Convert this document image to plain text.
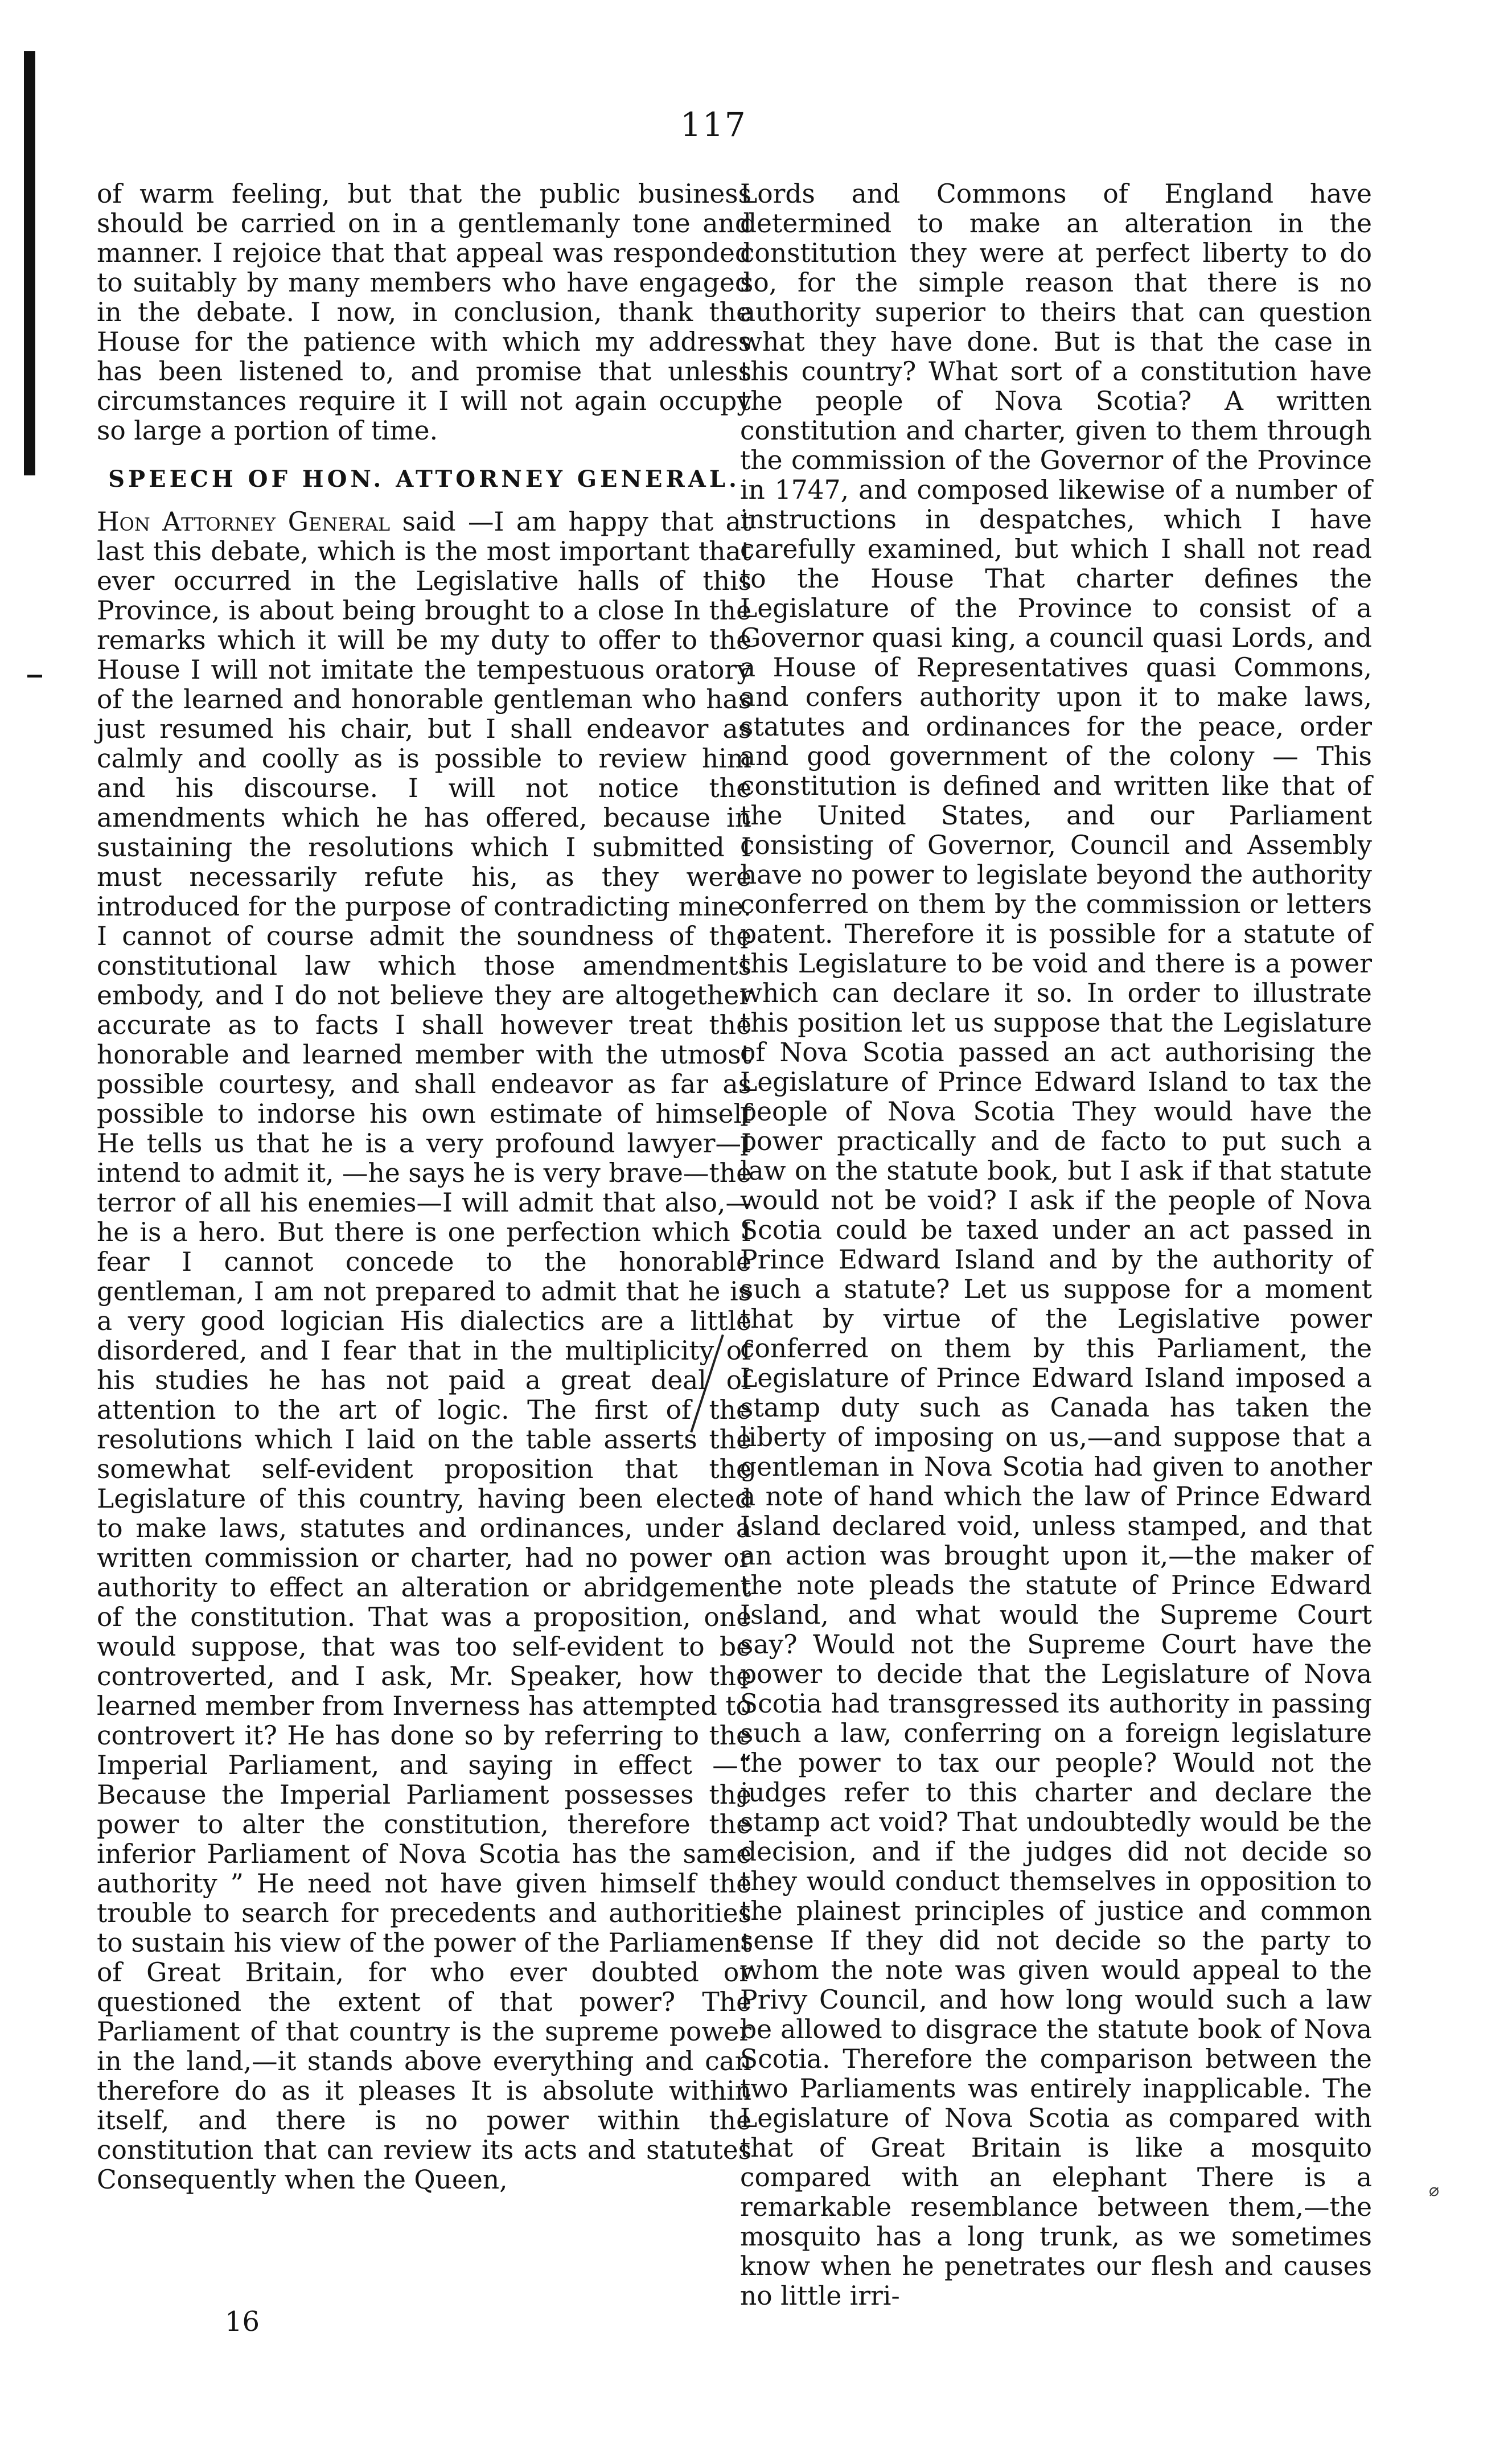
117

of warm feeling, but that the public business should be carried on in a gentlemanly tone and manner. I rejoice that that appeal was responded to suitably by many members who have engaged in the debate. I now, in conclusion, thank the House for the patience with which my address has been listened to, and promise that unless circumstances require it I will not again occupy so large a portion of time.

SPEECH OF HON. ATTORNEY GENERAL.

Hon Attorney General said —I am happy that at last this debate, which is the most important that ever occurred in the Legislative halls of this Province, is about being brought to a close In the remarks which it will be my duty to offer to the House I will not imitate the tempestuous oratory of the learned and honorable gentleman who has just resumed his chair, but I shall endeavor as calmly and coolly as is possible to review him and his discourse. I will not notice the amendments which he has offered, because in sustaining the resolutions which I submitted I must necessarily refute his, as they were introduced for the purpose of contradicting mine. I cannot of course admit the soundness of the constitutional law which those amendments embody, and I do not believe they are altogether accurate as to facts I shall however treat the honorable and learned member with the utmost possible courtesy, and shall endeavor as far as possible to indorse his own estimate of himself He tells us that he is a very profound lawyer—I intend to admit it, —he says he is very brave—the terror of all his enemies—I will admit that also,—he is a hero. But there is one perfection which I fear I cannot concede to the honorable gentleman, I am not prepared to admit that he is a very good logician His dialectics are a little disordered, and I fear that in the multiplicity of his studies he has not paid a great deal of attention to the art of logic. The first of the resolutions which I laid on the table asserts the somewhat self-evident proposition that the Legislature of this country, having been elected to make laws, statutes and ordinances, under a written commission or charter, had no power or authority to effect an alteration or abridgement of the constitution. That was a proposition, one would suppose, that was too self-evident to be controverted, and I ask, Mr. Speaker, how the learned member from Inverness has attempted to controvert it? He has done so by referring to the Imperial Parliament, and saying in effect —“ Because the Imperial Parliament possesses the power to alter the constitution, therefore the inferior Parliament of Nova Scotia has the same authority ” He need not have given himself the trouble to search for precedents and authorities to sustain his view of the power of the Parliament of Great Britain, for who ever doubted or questioned the extent of that power? The Parliament of that country is the supreme power in the land,—it stands above everything and can therefore do as it pleases It is absolute within itself, and there is no power within the constitution that can review its acts and statutes Consequently when the Queen,

Lords and Commons of England have determined to make an alteration in the constitution they were at perfect liberty to do so, for the simple reason that there is no authority superior to theirs that can question what they have done. But is that the case in this country? What sort of a constitution have the people of Nova Scotia? A written constitution and charter, given to them through the commission of the Governor of the Province in 1747, and composed likewise of a number of instructions in despatches, which I have carefully examined, but which I shall not read to the House That charter defines the Legislature of the Province to consist of a Governor quasi king, a council quasi Lords, and a House of Representatives quasi Commons, and confers authority upon it to make laws, statutes and ordinances for the peace, order and good government of the colony — This constitution is defined and written like that of the United States, and our Parliament consisting of Governor, Council and Assembly have no power to legislate beyond the authority conferred on them by the commission or letters patent. Therefore it is possible for a statute of this Legislature to be void and there is a power which can declare it so. In order to illustrate this position let us suppose that the Legislature of Nova Scotia passed an act authorising the Legislature of Prince Edward Island to tax the people of Nova Scotia They would have the power practically and de facto to put such a law on the statute book, but I ask if that statute would not be void? I ask if the people of Nova Scotia could be taxed under an act passed in Prince Edward Island and by the authority of such a statute? Let us suppose for a moment that by virtue of the Legislative power conferred on them by this Parliament, the Legislature of Prince Edward Island imposed a stamp duty such as Canada has taken the liberty of imposing on us,—and suppose that a gentleman in Nova Scotia had given to another a note of hand which the law of Prince Edward Island declared void, unless stamped, and that an action was brought upon it,—the maker of the note pleads the statute of Prince Edward Island, and what would the Supreme Court say? Would not the Supreme Court have the power to decide that the Legislature of Nova Scotia had transgressed its authority in passing such a law, conferring on a foreign legislature the power to tax our people? Would not the judges refer to this charter and declare the stamp act void? That undoubtedly would be the decision, and if the judges did not decide so they would conduct themselves in opposition to the plainest principles of justice and common sense If they did not decide so the party to whom the note was given would appeal to the Privy Council, and how long would such a law be allowed to disgrace the statute book of Nova Scotia. Therefore the comparison between the two Parliaments was entirely inapplicable. The Legislature of Nova Scotia as compared with that of Great Britain is like a mosquito compared with an elephant There is a remarkable resemblance between them,—the mosquito has a long trunk, as we sometimes know when he penetrates our flesh and causes no little irri-

16
⌀
